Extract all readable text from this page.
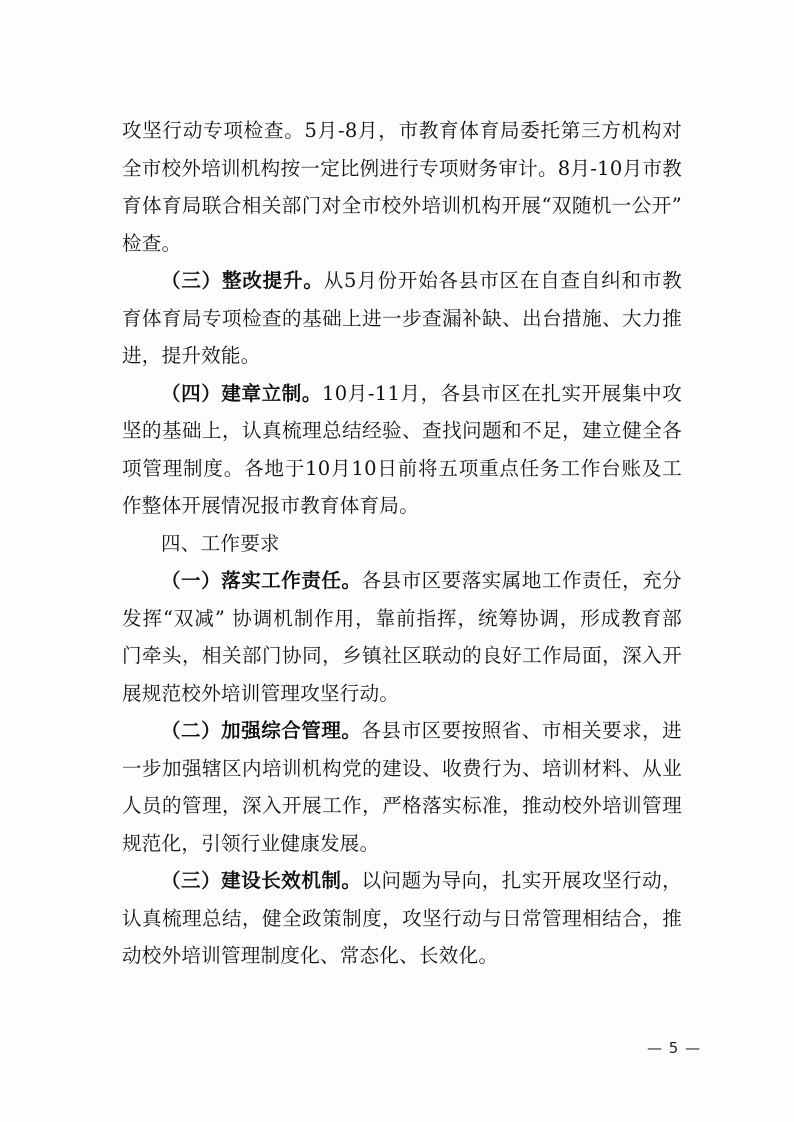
攻坚行动专项检查。5月-8月，市教育体育局委托第三方机构对全市校外培训机构按一定比例进行专项财务审计。8月-10月市教育体育局联合相关部门对全市校外培训机构开展“双随机一公开” 检查。

（三）整改提升。从5月份开始各县市区在自查自纠和市教育体育局专项检查的基础上进一步查漏补缺、出台措施、大力推进，提升效能。

（四）建章立制。10月-11月，各县市区在扎实开展集中攻坚的基础上，认真梳理总结经验、查找问题和不足，建立健全各项管理制度。各地于10月10日前将五项重点任务工作台账及工作整体开展情况报市教育体育局。

四、工作要求

（一）落实工作责任。各县市区要落实属地工作责任，充分发挥“双减” 协调机制作用，靠前指挥，统筹协调，形成教育部门牵头，相关部门协同，乡镇社区联动的良好工作局面，深入开展规范校外培训管理攻坚行动。

（二）加强综合管理。各县市区要按照省、市相关要求，进一步加强辖区内培训机构党的建设、收费行为、培训材料、从业人员的管理，深入开展工作，严格落实标准，推动校外培训管理规范化，引领行业健康发展。

（三）建设长效机制。以问题为导向，扎实开展攻坚行动，认真梳理总结，健全政策制度，攻坚行动与日常管理相结合，推动校外培训管理制度化、常态化、长效化。

— 5 —
